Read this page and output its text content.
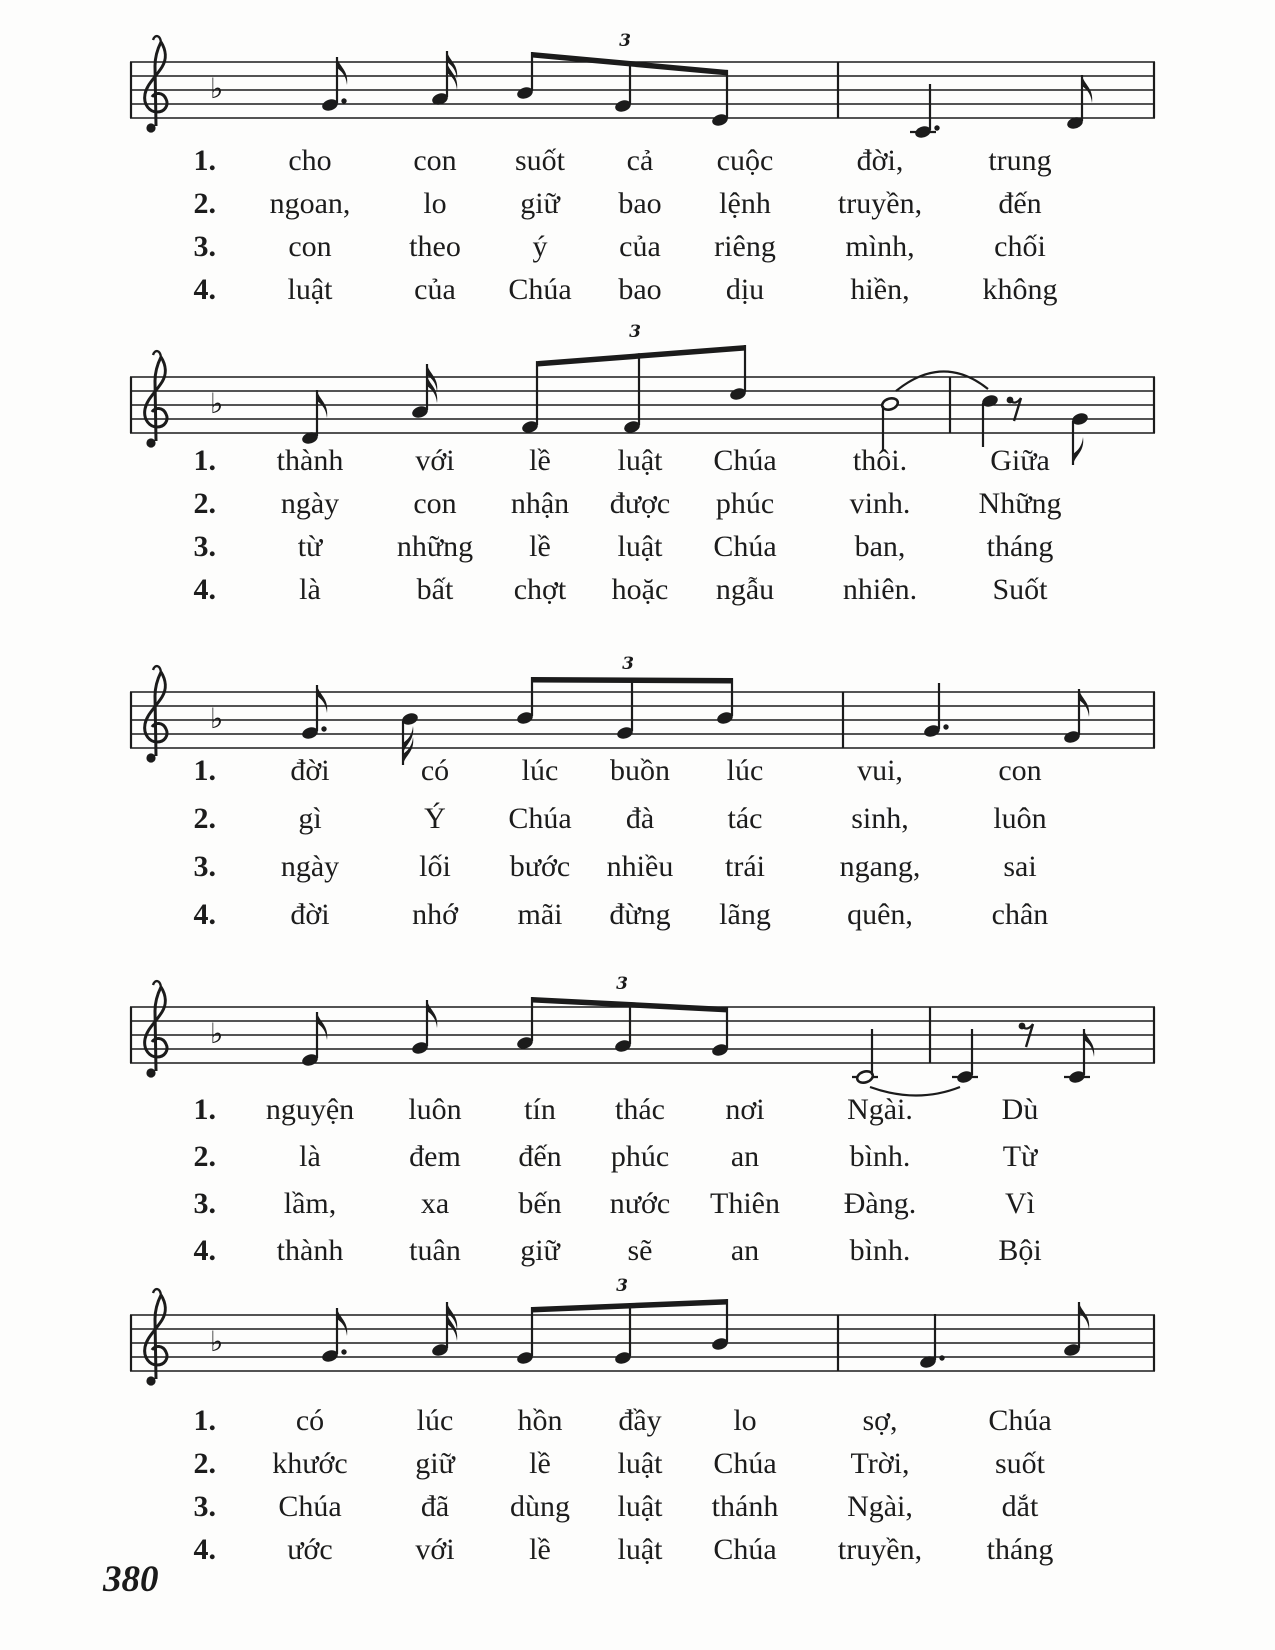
♭
3
♭
3
♭
3
♭
3
♭
3
1.	cho	con	suốt	cả	cuộc	đời,	trung
2.	ngoan,	lo	giữ	bao	lệnh	truyền,	đến
3.	con	theo	ý	của	riêng	mình,	chối
4.	luật	của	Chúa	bao	dịu	hiền,	không
1.	thành	với	lề	luật	Chúa	thôi.	Giữa
2.	ngày	con	nhận	được	phúc	vinh.	Những
3.	từ	những	lề	luật	Chúa	ban,	tháng
4.	là	bất	chợt	hoặc	ngẫu	nhiên.	Suốt
1.	đời	có	lúc	buồn	lúc	vui,	con
2.	gì	Ý	Chúa	đà	tác	sinh,	luôn
3.	ngày	lối	bước	nhiều	trái	ngang,	sai
4.	đời	nhớ	mãi	đừng	lãng	quên,	chân
1.	nguyện	luôn	tín	thác	nơi	Ngài.	Dù
2.	là	đem	đến	phúc	an	bình.	Từ
3.	lầm,	xa	bến	nước	Thiên	Đàng.	Vì
4.	thành	tuân	giữ	sẽ	an	bình.	Bội
1.	có	lúc	hồn	đầy	lo	sợ,	Chúa
2.	khước	giữ	lề	luật	Chúa	Trời,	suốt
3.	Chúa	đã	dùng	luật	thánh	Ngài,	dắt
4.	ước	với	lề	luật	Chúa	truyền,	tháng
380
